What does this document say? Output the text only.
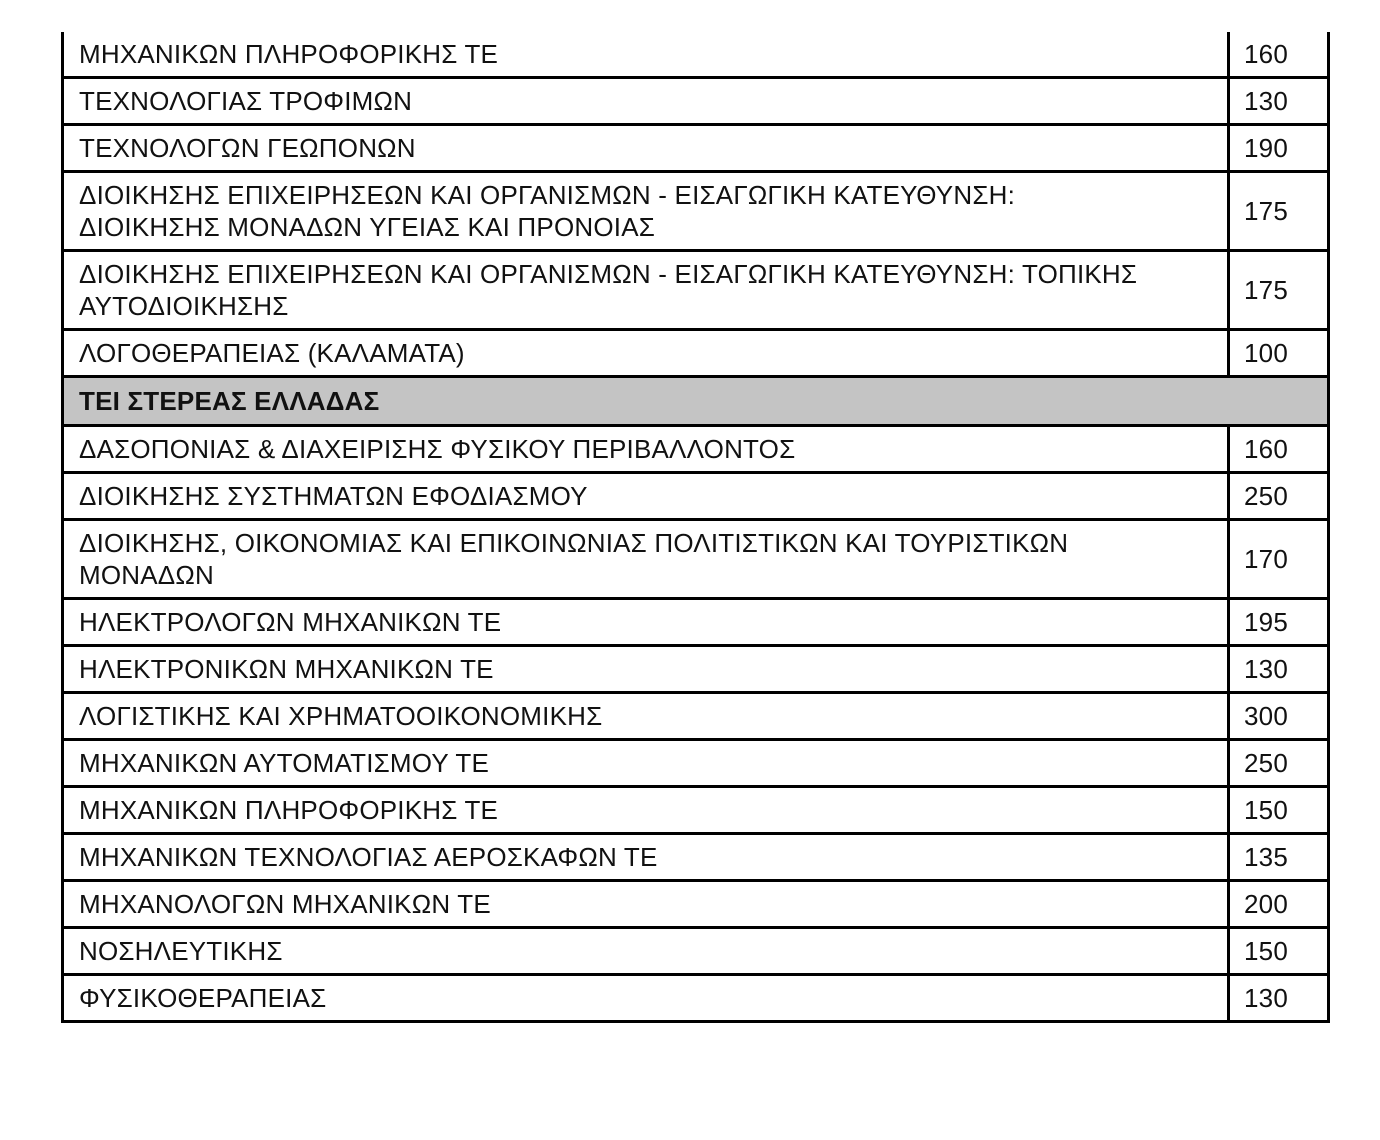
ΜΗΧΑΝΙΚΩΝ ΠΛΗΡΟΦΟΡΙΚΗΣ ΤΕ	160
ΤΕΧΝΟΛΟΓΙΑΣ ΤΡΟΦΙΜΩΝ	130
ΤΕΧΝΟΛΟΓΩΝ ΓΕΩΠΟΝΩΝ	190
ΔΙΟΙΚΗΣΗΣ ΕΠΙΧΕΙΡΗΣΕΩΝ ΚΑΙ ΟΡΓΑΝΙΣΜΩΝ - ΕΙΣΑΓΩΓΙΚΗ ΚΑΤΕΥΘΥΝΣΗ:
ΔΙΟΙΚΗΣΗΣ ΜΟΝΑΔΩΝ ΥΓΕΙΑΣ ΚΑΙ ΠΡΟΝΟΙΑΣ	175
ΔΙΟΙΚΗΣΗΣ ΕΠΙΧΕΙΡΗΣΕΩΝ ΚΑΙ ΟΡΓΑΝΙΣΜΩΝ - ΕΙΣΑΓΩΓΙΚΗ ΚΑΤΕΥΘΥΝΣΗ: ΤΟΠΙΚΗΣ
ΑΥΤΟΔΙΟΙΚΗΣΗΣ	175
ΛΟΓΟΘΕΡΑΠΕΙΑΣ (ΚΑΛΑΜΑΤΑ)	100
ΤΕΙ ΣΤΕΡΕΑΣ ΕΛΛΑΔΑΣ	
ΔΑΣΟΠΟΝΙΑΣ & ΔΙΑΧΕΙΡΙΣΗΣ ΦΥΣΙΚΟΥ ΠΕΡΙΒΑΛΛΟΝΤΟΣ	160
ΔΙΟΙΚΗΣΗΣ ΣΥΣΤΗΜΑΤΩΝ ΕΦΟΔΙΑΣΜΟΥ	250
ΔΙΟΙΚΗΣΗΣ, ΟΙΚΟΝΟΜΙΑΣ ΚΑΙ ΕΠΙΚΟΙΝΩΝΙΑΣ ΠΟΛΙΤΙΣΤΙΚΩΝ ΚΑΙ ΤΟΥΡΙΣΤΙΚΩΝ
ΜΟΝΑΔΩΝ	170
ΗΛΕΚΤΡΟΛΟΓΩΝ ΜΗΧΑΝΙΚΩΝ ΤΕ	195
ΗΛΕΚΤΡΟΝΙΚΩΝ ΜΗΧΑΝΙΚΩΝ ΤΕ	130
ΛΟΓΙΣΤΙΚΗΣ ΚΑΙ ΧΡΗΜΑΤΟΟΙΚΟΝΟΜΙΚΗΣ	300
ΜΗΧΑΝΙΚΩΝ ΑΥΤΟΜΑΤΙΣΜΟΥ ΤΕ	250
ΜΗΧΑΝΙΚΩΝ ΠΛΗΡΟΦΟΡΙΚΗΣ ΤΕ	150
ΜΗΧΑΝΙΚΩΝ ΤΕΧΝΟΛΟΓΙΑΣ ΑΕΡΟΣΚΑΦΩΝ ΤΕ	135
ΜΗΧΑΝΟΛΟΓΩΝ ΜΗΧΑΝΙΚΩΝ ΤΕ	200
ΝΟΣΗΛΕΥΤΙΚΗΣ	150
ΦΥΣΙΚΟΘΕΡΑΠΕΙΑΣ	130
